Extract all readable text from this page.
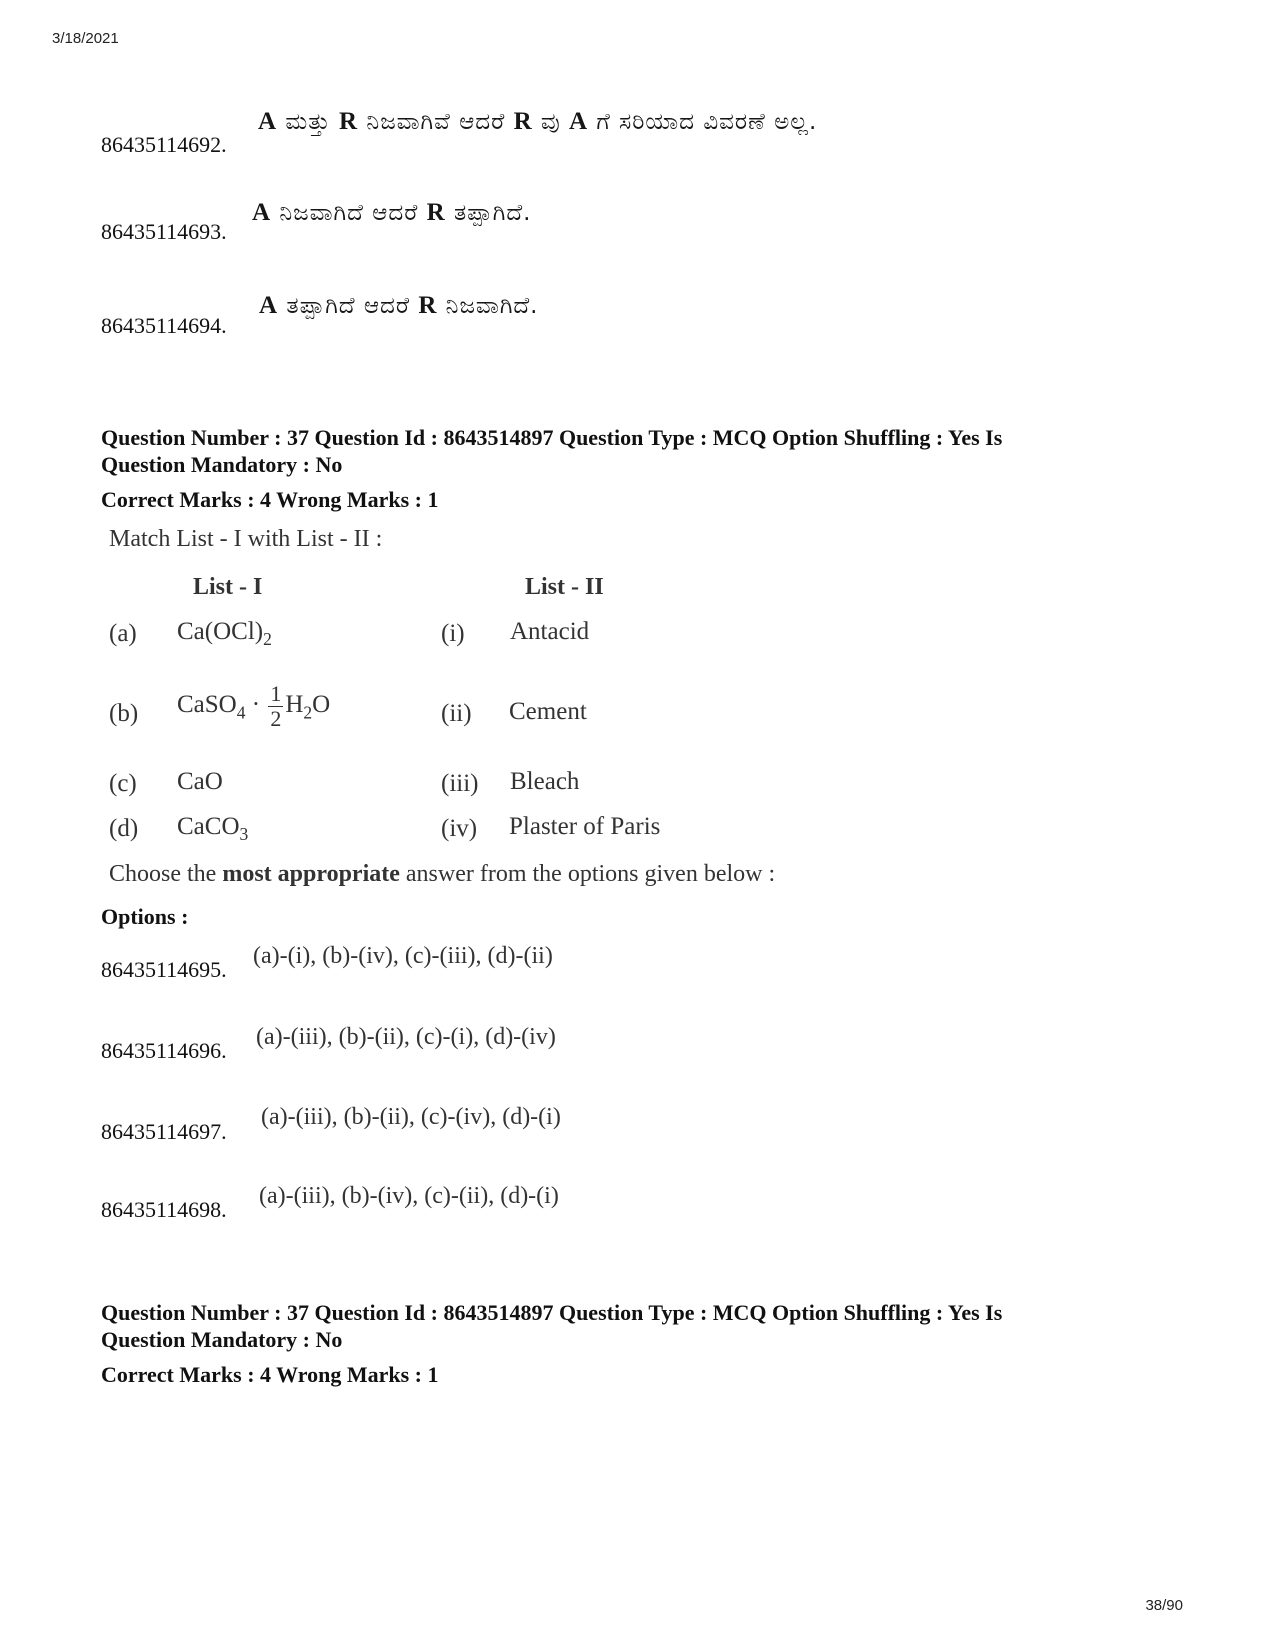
3/18/2021
86435114692.
A ಮತ್ತು R ನಿಜವಾಗಿವೆ ಆದರೆ R ವು A ಗೆ ಸರಿಯಾದ ವಿವರಣೆ ಅಲ್ಲ.
86435114693.
A ನಿಜವಾಗಿದೆ ಆದರೆ R ತಪ್ಪಾಗಿದೆ.
86435114694.
A ತಪ್ಪಾಗಿದೆ ಆದರೆ R ನಿಜವಾಗಿದೆ.
Question Number : 37 Question Id : 8643514897 Question Type : MCQ Option Shuffling : Yes Is
Question Mandatory : No
Correct Marks : 4 Wrong Marks : 1
Match List - I with List - II :
List - I	List - II
(a) $Ca(OCl)_2$	(i) Antacid
(b) CaSO$_4$ · $\frac{1}{2} H_2O$	(ii) Cement
(c) CaO	(iii) Bleach
(d) CaCO$_3$	(iv) Plaster of Paris
Choose the most appropriate answer from the options given below :
Options :
86435114695.
(a)-(i), (b)-(iv), (c)-(iii), (d)-(ii)
86435114696.
(a)-(iii), (b)-(ii), (c)-(i), (d)-(iv)
86435114697.
(a)-(iii), (b)-(ii), (c)-(iv), (d)-(i)
86435114698.
(a)-(iii), (b)-(iv), (c)-(ii), (d)-(i)
Question Number : 37 Question Id : 8643514897 Question Type : MCQ Option Shuffling : Yes Is
Question Mandatory : No
Correct Marks : 4 Wrong Marks : 1
38/90
